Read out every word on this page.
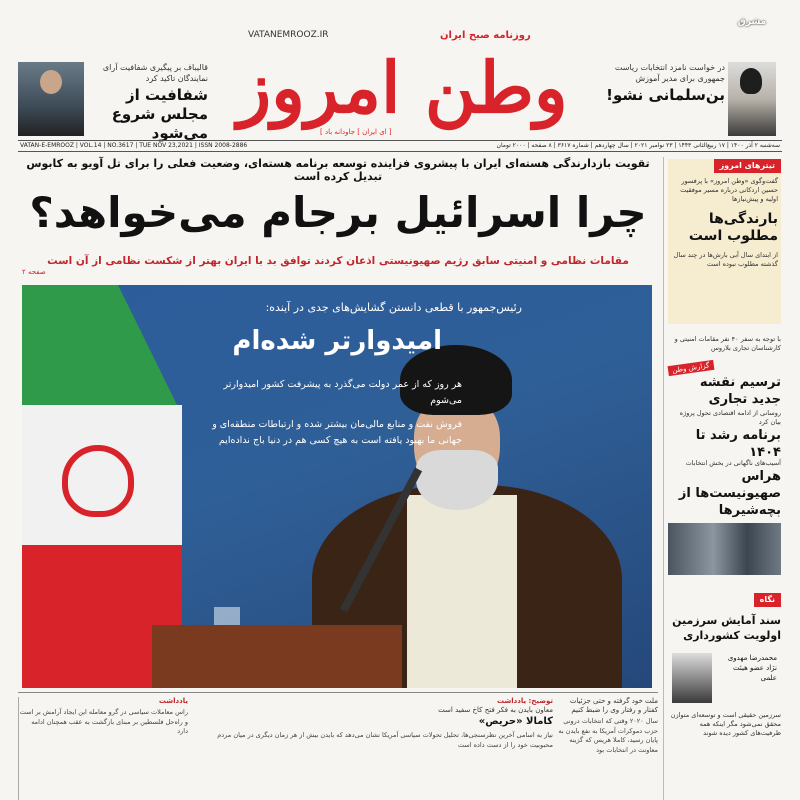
روزنامه صبح ایران
VATANEMROOZ.IR
وطن امروز
[ ای ایران ] جاودانه باد ]
قالیباف بر پیگیری شفافیت آرای نمایندگان تاکید کرد
شفافیت از مجلس شروع می‌شود
در خواست نامزد انتخابات ریاست جمهوری برای مدیر آموزش
بن‌سلمانی نشو!
مشرق
VATAN-E-EMROOZ | VOL.14 | NO.3617 | TUE NOV 23,2021 | ISSN 2008-2886	سه‌شنبه ۲ آذر ۱۴۰۰ | ۱۷ ربیع‌الثانی ۱۴۴۳ | ۲۳ نوامبر ۲۰۲۱ | سال چهاردهم | شماره ۳۶۱۷ | ۸ صفحه | ۲۰۰۰ تومان
تقویت بازدارندگی هسته‌ای ایران با پیشروی فزاینده توسعه برنامه هسته‌ای، وضعیت فعلی را برای تل آویو به کابوس تبدیل کرده است
چرا اسرائیل برجام می‌خواهد؟
مقامات نظامی و امنیتی سابق رژیم صهیونیستی اذعان کردند توافق بد با ایران بهتر از شکست نظامی از آن است
صفحه ۲
رئیس‌جمهور با قطعی دانستن گشایش‌های جدی در آینده:
امیدوارتر شده‌ام

هر روز که از عمر دولت می‌گذرد به پیشرفت کشور امیدوارتر می‌شوم

فروش نفت و منابع مالی‌مان بیشتر شده و ارتباطات منطقه‌ای و جهانی ما بهبود یافته است به هیچ کسی هم در دنیا باج نداده‌ایم

تیترهای امروز
گفت‌وگوی «وطن امروز» با پرفسور حسین اردکانی درباره مسیر موفقیت اولیه و پیش‌نیازها
بارندگی‌ها مطلوب است
از ابتدای سال آبی بارش‌ها در چند سال گذشته مطلوب نبوده است
با توجه به سفر ۴۰ نفر مقامات امنیتی و کارشناسان تجاری بلاروس
گزارش وطن
ترسیم نقشه جدید تجاری
روسانی از ادامه اقتصادی تحول پروژه بیان کرد
برنامه رشد تا ۱۴۰۴
آسیب‌های ناگهانی در بخش انتخابات
هراس صهیونیست‌ها از بچه‌شیرها
نگاه
سند آمایش سرزمین اولویت کشورداری
محمدرضا مهدوی نژاد عضو هیئت علمی
سرزمین حقیقی است و توسعه‌ای متوازن محقق نمی‌شود مگر اینکه همه ظرفیت‌های کشور دیده شوند
ملت خود گرفته و حتی جزئیات کفتار و رفتار وی را ضبط کنیم
سال ۲۰۲۰ وقتی که انتخابات درونی حزب دموکرات آمریکا به نفع بایدن به پایان رسید، کاملا هریس که گزینه معاونت در انتخابات بود
توضیح: یادداشت
معاون بایدن به فکر فتح کاخ سفید است
کامالا «حریص»
نیاز به اسامی آخرین نظرسنجی‌ها، تحلیل تحولات سیاسی آمریکا نشان می‌دهد که بایدن بیش از هر زمان دیگری در میان مردم محبوبیت خود را از دست داده است
یادداشت
راس معاملات سیاسی در گرو معامله این ایجاد آرامش بر است و راه‌حل فلسطین بر مبنای بازگشت به عقب همچنان ادامه دارد
